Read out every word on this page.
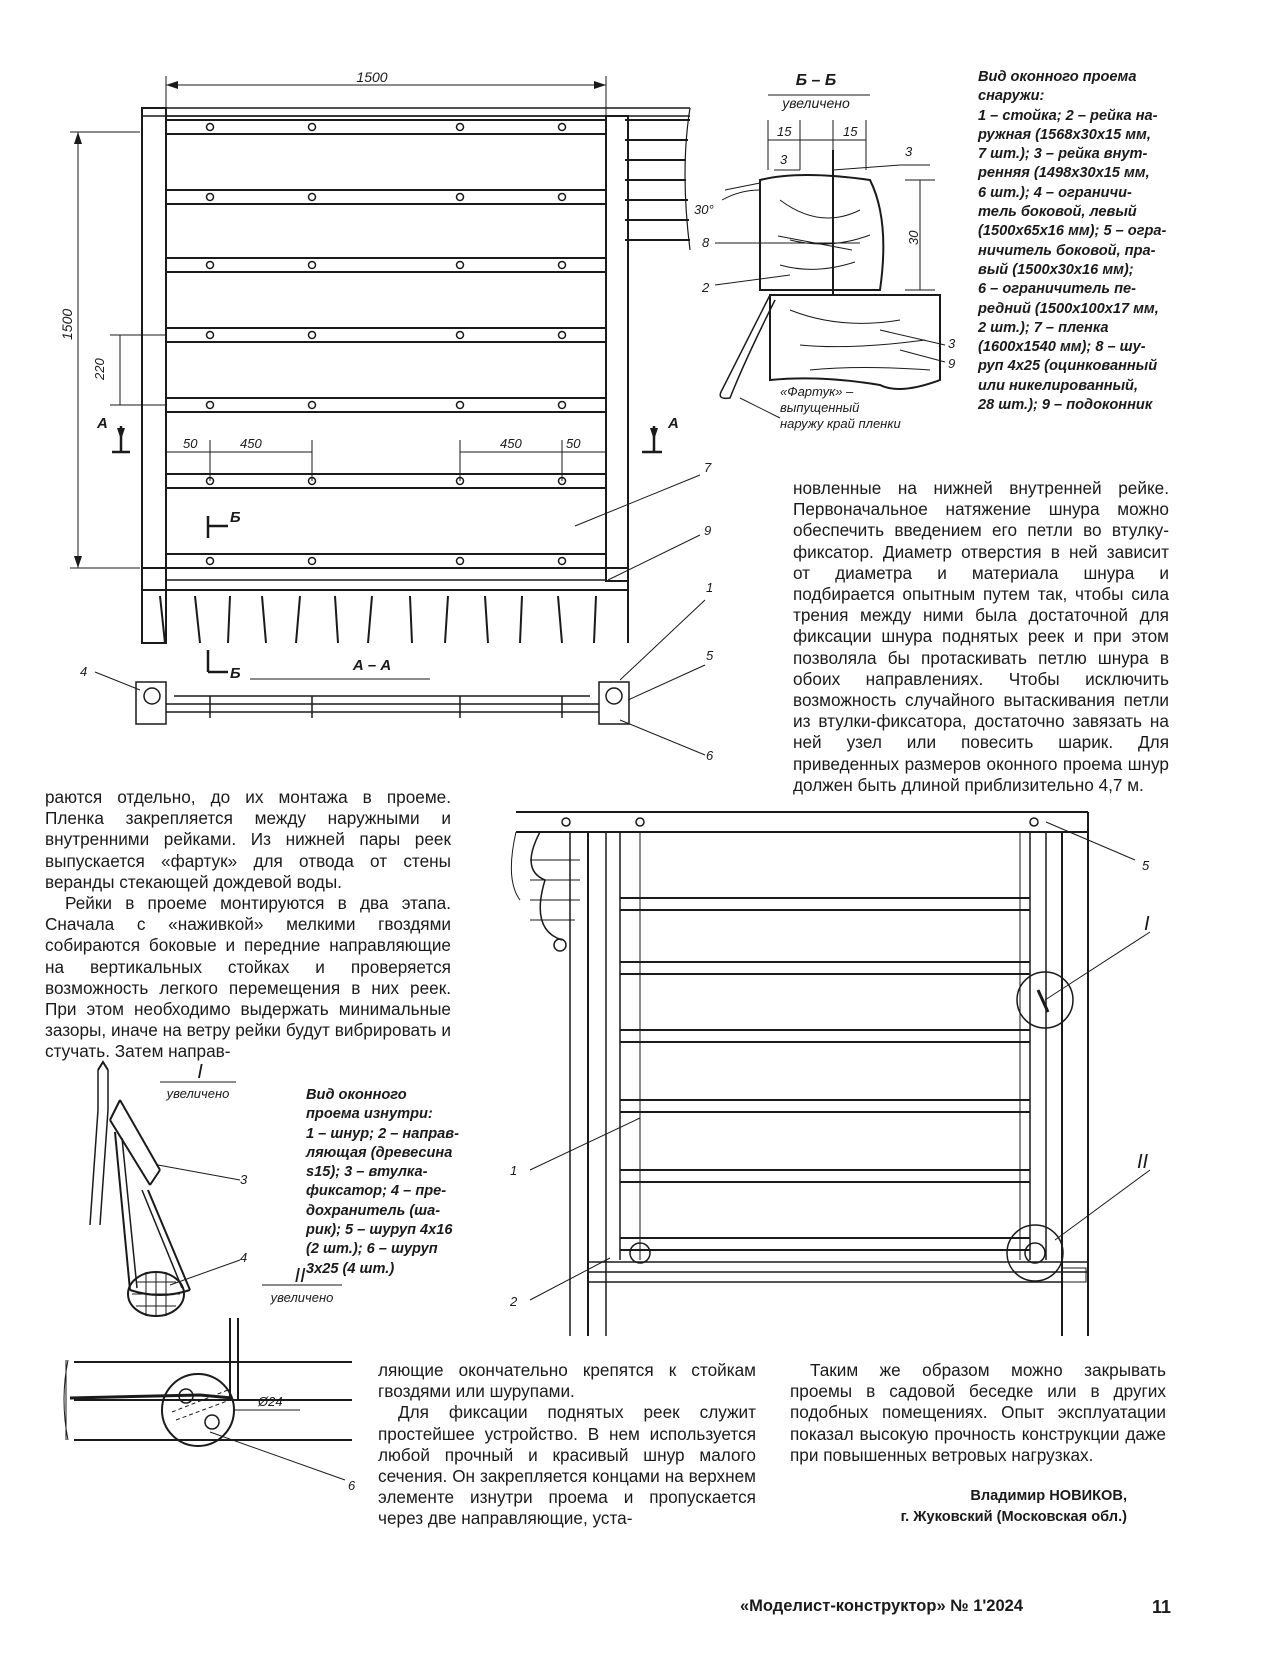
1500
1500
220
50	450	450	50
А	А
Б
Б
7
9
А – А
4
1
5
6
Б – Б
увеличено
15	15
3
3
30°
30
8
2
3
9
«Фартук» –
выпущенный
наружу край пленки
5
I
II
1
2
I
увеличено
3
4
II
увеличено
Ø24
6

Вид оконного проема

снаружи:

1 – стойка; 2 – рейка на-

ружная (1568х30х15 мм,

7 шт.); 3 – рейка внут-

ренняя (1498х30х15 мм,

6 шт.); 4 – ограничи-

тель боковой, левый

(1500х65х16 мм); 5 – огра-

ничитель боковой, пра-

вый (1500х30х16 мм);

6 – ограничитель пе-

редний (1500х100х17 мм,

2 шт.); 7 – пленка

(1600х1540 мм); 8 – шу-

руп 4х25 (оцинкованный

или никелированный,

28 шт.); 9 – подоконник

новленные на нижней внутренней рейке. Первоначальное натяжение шнура можно обеспечить введением его петли во втулку-фиксатор. Диаметр отверстия в ней зависит от диаметра и материала шнура и подбирается опытным путем так, чтобы сила трения между ними была достаточной для фиксации шнура поднятых реек и при этом позволяла бы протаскивать петлю шнура в обоих направлениях. Чтобы исключить возможность случайного вытаскивания петли из втулки-фиксатора, достаточно завязать на ней узел или повесить шарик. Для приведенных размеров оконного проема шнур должен быть длиной приблизительно 4,7 м.

раются отдельно, до их монтажа в проеме. Пленка закрепляется между наружными и внутренними рейками. Из нижней пары реек выпускается «фартук» для отвода от стены веранды стекающей дождевой воды.

Рейки в проеме монтируются в два этапа. Сначала с «наживкой» мелкими гвоздями собираются боковые и передние направляющие на вертикальных стойках и проверяется возможность легкого перемещения в них реек. При этом необходимо выдержать минимальные зазоры, иначе на ветру рейки будут вибрировать и стучать. Затем направ-

Вид оконного

проема изнутри:

1 – шнур; 2 – направ-

ляющая (древесина

s15); 3 – втулка-

фиксатор; 4 – пре-

дохранитель (ша-

рик); 5 – шуруп 4х16

(2 шт.); 6 – шуруп

3х25 (4 шт.)

ляющие окончательно крепятся к стойкам гвоздями или шурупами.

Для фиксации поднятых реек служит простейшее устройство. В нем используется любой прочный и красивый шнур малого сечения. Он закрепляется концами на верхнем элементе изнутри проема и пропускается через две направляющие, уста-

Таким же образом можно закрывать проемы в садовой беседке или в других подобных помещениях. Опыт эксплуатации показал высокую прочность конструкции даже при повышенных ветровых нагрузках.

Владимир НОВИКОВ,
г. Жуковский (Московская обл.)
«Моделист-конструктор» № 1'2024	11
